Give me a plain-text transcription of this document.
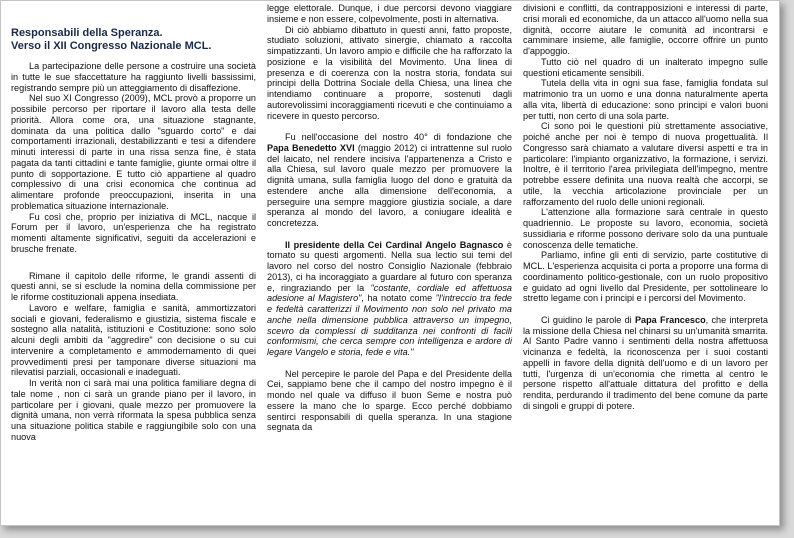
Responsabili della Speranza.
Verso il XII Congresso Nazionale MCL.

La partecipazione delle persone a costruire una società in tutte le sue sfaccettature ha raggiunto livelli bassissimi, registrando sempre più un atteggiamento di disaffezione.

Nel suo XI Congresso (2009), MCL provò a proporre un possibile percorso per riportare il lavoro alla testa delle priorità. Allora come ora, una situazione stagnante, dominata da una politica dallo "sguardo corto" e dai comportamenti irrazionali, destabilizzanti e tesi a difendere minuti interessi di parte in una rissa senza fine, è stata pagata da tanti cittadini e tante famiglie, giunte ormai oltre il punto di sopportazione. E tutto ciò appartiene al quadro complessivo di una crisi economica che continua ad alimentare profonde preoccupazioni, inserita in una problematica situazione internazionale.

Fu così che, proprio per iniziativa di MCL, nacque il Forum per il lavoro, un'esperienza che ha registrato momenti altamente significativi, seguiti da accelerazioni e brusche frenate.

Rimane il capitolo delle riforme, le grandi assenti di questi anni, se si esclude la nomina della commissione per le riforme costituzionali appena insediata.

Lavoro e welfare, famiglia e sanità, ammortizzatori sociali e giovani, federalismo e giustizia, sistema fiscale e sostegno alla natalità, istituzioni e Costituzione: sono solo alcuni degli ambiti da "aggredire" con decisione o su cui intervenire a completamento e ammodernamento di quei provvedimenti presi per tamponare diverse situazioni ma rilevatisi parziali, occasionali e inadeguati.

In verità non ci sarà mai una politica familiare degna di tale nome , non ci sarà un grande piano per il lavoro, in particolare per i giovani, quale mezzo per promuovere la dignità umana, non verrà riformata la spesa pubblica senza una situazione politica stabile e raggiungibile solo con una nuova

legge elettorale. Dunque, i due percorsi devono viaggiare insieme e non essere, colpevolmente, posti in alternativa.

Di ciò abbiamo dibattuto in questi anni, fatto proposte, studiato soluzioni, attivato sinergie, chiamato a raccolta simpatizzanti. Un lavoro ampio e difficile che ha rafforzato la posizione e la visibilità del Movimento. Una linea di presenza e di coerenza con la nostra storia, fondata sui principi della Dottrina Sociale della Chiesa, una linea che intendiamo continuare a proporre, sostenuti dagli autorevolissimi incoraggiamenti ricevuti e che continuiamo a ricevere in questo percorso.

Fu nell'occasione del nostro 40° di fondazione che Papa Benedetto XVI (maggio 2012) ci intrattenne sul ruolo del laicato, nel rendere incisiva l'appartenenza a Cristo e alla Chiesa, sul lavoro quale mezzo per promuovere la dignità umana, sulla famiglia luogo del dono e gratuità da estendere anche alla dimensione dell'economia, a perseguire una sempre maggiore giustizia sociale, a dare speranza al mondo del lavoro, a coniugare idealità e concretezza.

Il presidente della Cei Cardinal Angelo Bagnasco è tornato su questi argomenti. Nella sua lectio sui temi del lavoro nel corso del nostro Consiglio Nazionale (febbraio 2013), ci ha incoraggiato a guardare al futuro con speranza e, ringraziando per la "costante, cordiale ed affettuosa adesione al Magistero", ha notato come "l'intreccio tra fede e fedeltà caratterizzi il Movimento non solo nel privato ma anche nella dimensione pubblica attraverso un impegno, scevro da complessi di sudditanza nei confronti di facili conformismi, che cerca sempre con intelligenza e ardore di legare Vangelo e storia, fede e vita."

Nel percepire le parole del Papa e del Presidente della Cei, sappiamo bene che il campo del nostro impegno è il mondo nel quale va diffuso il buon Seme e nostra può essere la mano che lo sparge. Ecco perché dobbiamo sentirci responsabili di quella speranza. In una stagione segnata da

divisioni e conflitti, da contrapposizioni e interessi di parte, crisi morali ed economiche, da un attacco all'uomo nella sua dignità, occorre aiutare le comunità ad incontrarsi e camminare insieme, alle famiglie, occorre offrire un punto d'appoggio.

Tutto ciò nel quadro di un inalterato impegno sulle questioni eticamente sensibili.

Tutela della vita in ogni sua fase, famiglia fondata sul matrimonio tra un uomo e una donna naturalmente aperta alla vita, libertà di educazione: sono principi e valori buoni per tutti, non certo di una sola parte.

Ci sono poi le questioni più strettamente associative, poiché anche per noi è tempo di nuova progettualità. Il Congresso sarà chiamato a valutare diversi aspetti e tra in particolare: l'impianto organizzativo, la formazione, i servizi. Inoltre, è il territorio l'area privilegiata dell'impegno, mentre potrebbe essere definita una nuova realtà che accorpi, se utile, la vecchia articolazione provinciale per un rafforzamento del ruolo delle unioni regionali.

L'attenzione alla formazione sarà centrale in questo quadriennio. Le proposte su lavoro, economia, società sussidiaria e riforme possono derivare solo da una puntuale conoscenza delle tematiche.

Parliamo, infine gli enti di servizio, parte costitutive di MCL. L'esperienza acquisita ci porta a proporre una forma di coordinamento politico-gestionale, con un ruolo propositivo e guidato ad ogni livello dal Presidente, per sottolineare lo stretto legame con i principi e i percorsi del Movimento.

Ci guidino le parole di Papa Francesco, che interpreta la missione della Chiesa nel chinarsi su un'umanità smarrita. Al Santo Padre vanno i sentimenti della nostra affettuosa vicinanza e fedeltà, la riconoscenza per i suoi costanti appelli in favore della dignità dell'uomo e di un lavoro per tutti, l'urgenza di un'economia che rimetta al centro le persone rispetto all'attuale dittatura del profitto e della rendita, perdurando il tradimento del bene comune da parte di singoli e gruppi di potere.
